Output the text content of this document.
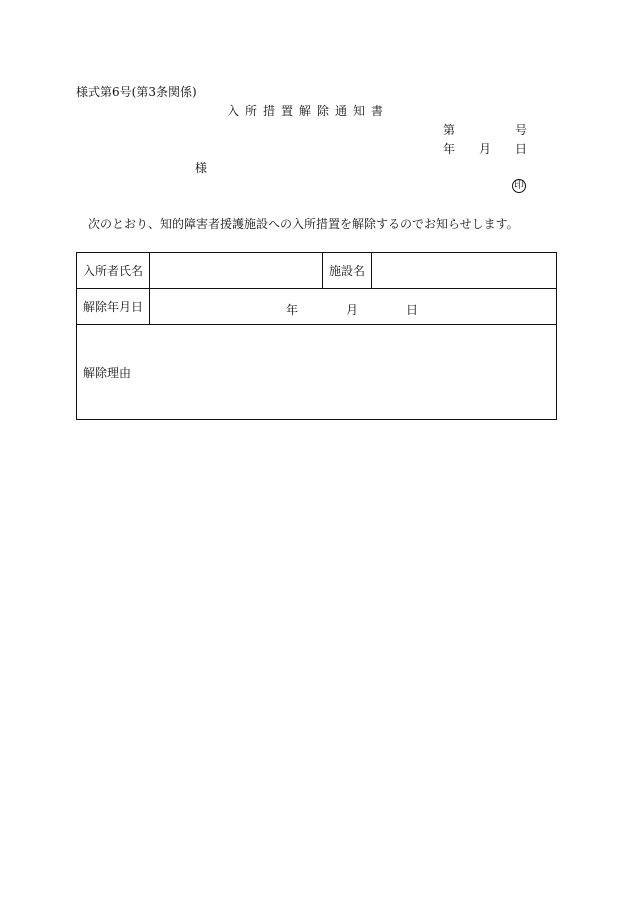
様式第6号(第3条関係)
入所措置解除通知書
第	号
年 月 日
様
印
次のとおり、知的障害者援護施設への入所措置を解除するのでお知らせします。
入所者氏名		施設名	
解除年月日	年 月 日		

解除理由			
